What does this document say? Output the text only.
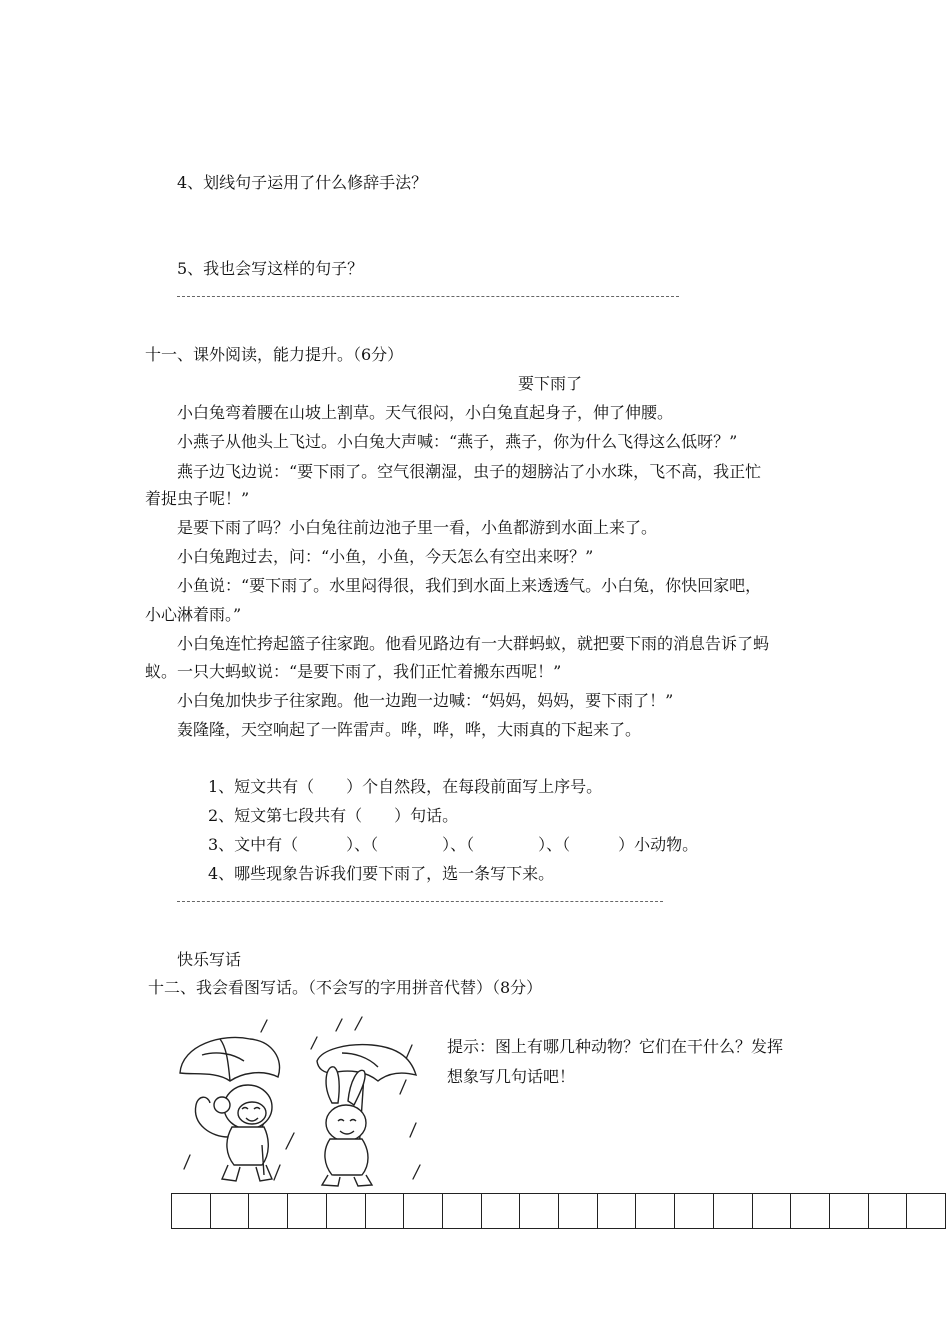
4、划线句子运用了什么修辞手法？
5、我也会写这样的句子？
十一、课外阅读，能力提升。（6分）
要下雨了
小白兔弯着腰在山坡上割草。天气很闷，小白兔直起身子，伸了伸腰。
小燕子从他头上飞过。小白兔大声喊：“燕子，燕子，你为什么飞得这么低呀？”
燕子边飞边说：“要下雨了。空气很潮湿，虫子的翅膀沾了小水珠，飞不高，我正忙
着捉虫子呢！”
是要下雨了吗？小白兔往前边池子里一看，小鱼都游到水面上来了。
小白兔跑过去，问：“小鱼，小鱼，今天怎么有空出来呀？”
小鱼说：“要下雨了。水里闷得很，我们到水面上来透透气。小白兔，你快回家吧，
小心淋着雨。”
小白兔连忙挎起篮子往家跑。他看见路边有一大群蚂蚁，就把要下雨的消息告诉了蚂
蚁。一只大蚂蚁说：“是要下雨了，我们正忙着搬东西呢！”
小白兔加快步子往家跑。他一边跑一边喊：“妈妈，妈妈，要下雨了！”
轰隆隆，天空响起了一阵雷声。哗，哗，哗，大雨真的下起来了。
1、短文共有（　　）个自然段，在每段前面写上序号。
2、短文第七段共有（　　）句话。
3、文中有（　　　）、（　　　　）、（　　　　）、（　　　）小动物。
4、哪些现象告诉我们要下雨了，选一条写下来。
快乐写话
十二、我会看图写话。（不会写的字用拼音代替）（8分）
提示：图上有哪几种动物？它们在干什么？发挥
想象写几句话吧！
